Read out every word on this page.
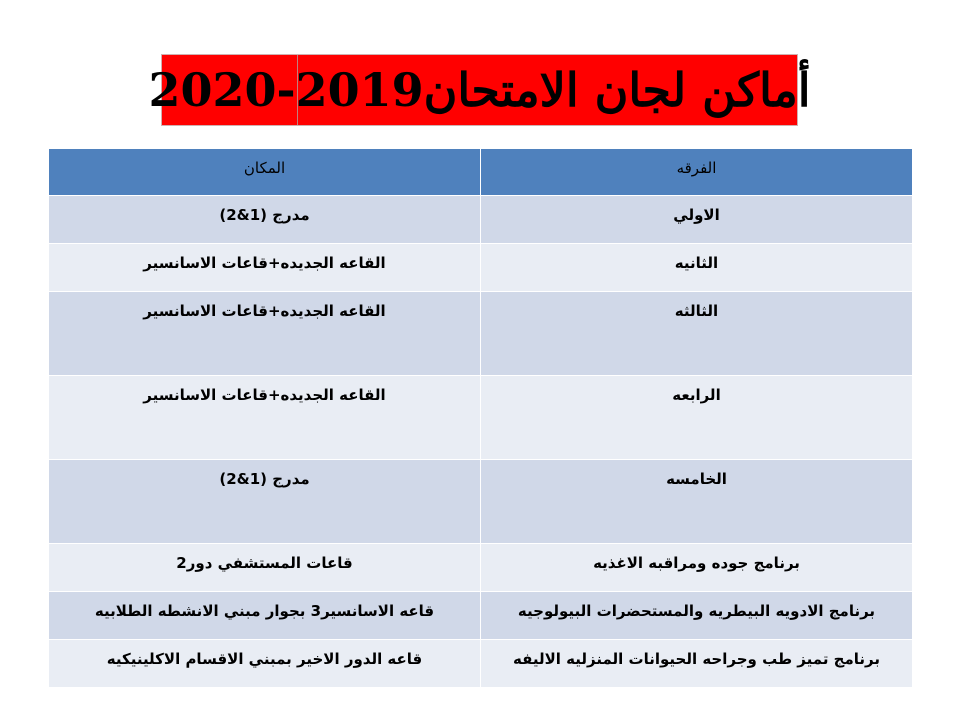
أماكن لجان الامتحان2019-2020
الفرقه	المكان
الاولي	مدرج (1&2)
الثانيه	القاعه الجديده+قاعات الاسانسير
الثالثه	القاعه الجديده+قاعات الاسانسير
الرابعه	القاعه الجديده+قاعات الاسانسير
الخامسه	مدرج (1&2)
برنامج جوده ومراقبه الاغذيه	قاعات المستشفي دور2
برنامج الادويه البيطريه والمستحضرات البيولوجيه	قاعه الاسانسير3 بجوار مبني الانشطه الطلابيه
برنامج تميز طب وجراحه الحيوانات المنزليه الاليفه	قاعه الدور الاخير بمبني الاقسام الاكلينيكيه
